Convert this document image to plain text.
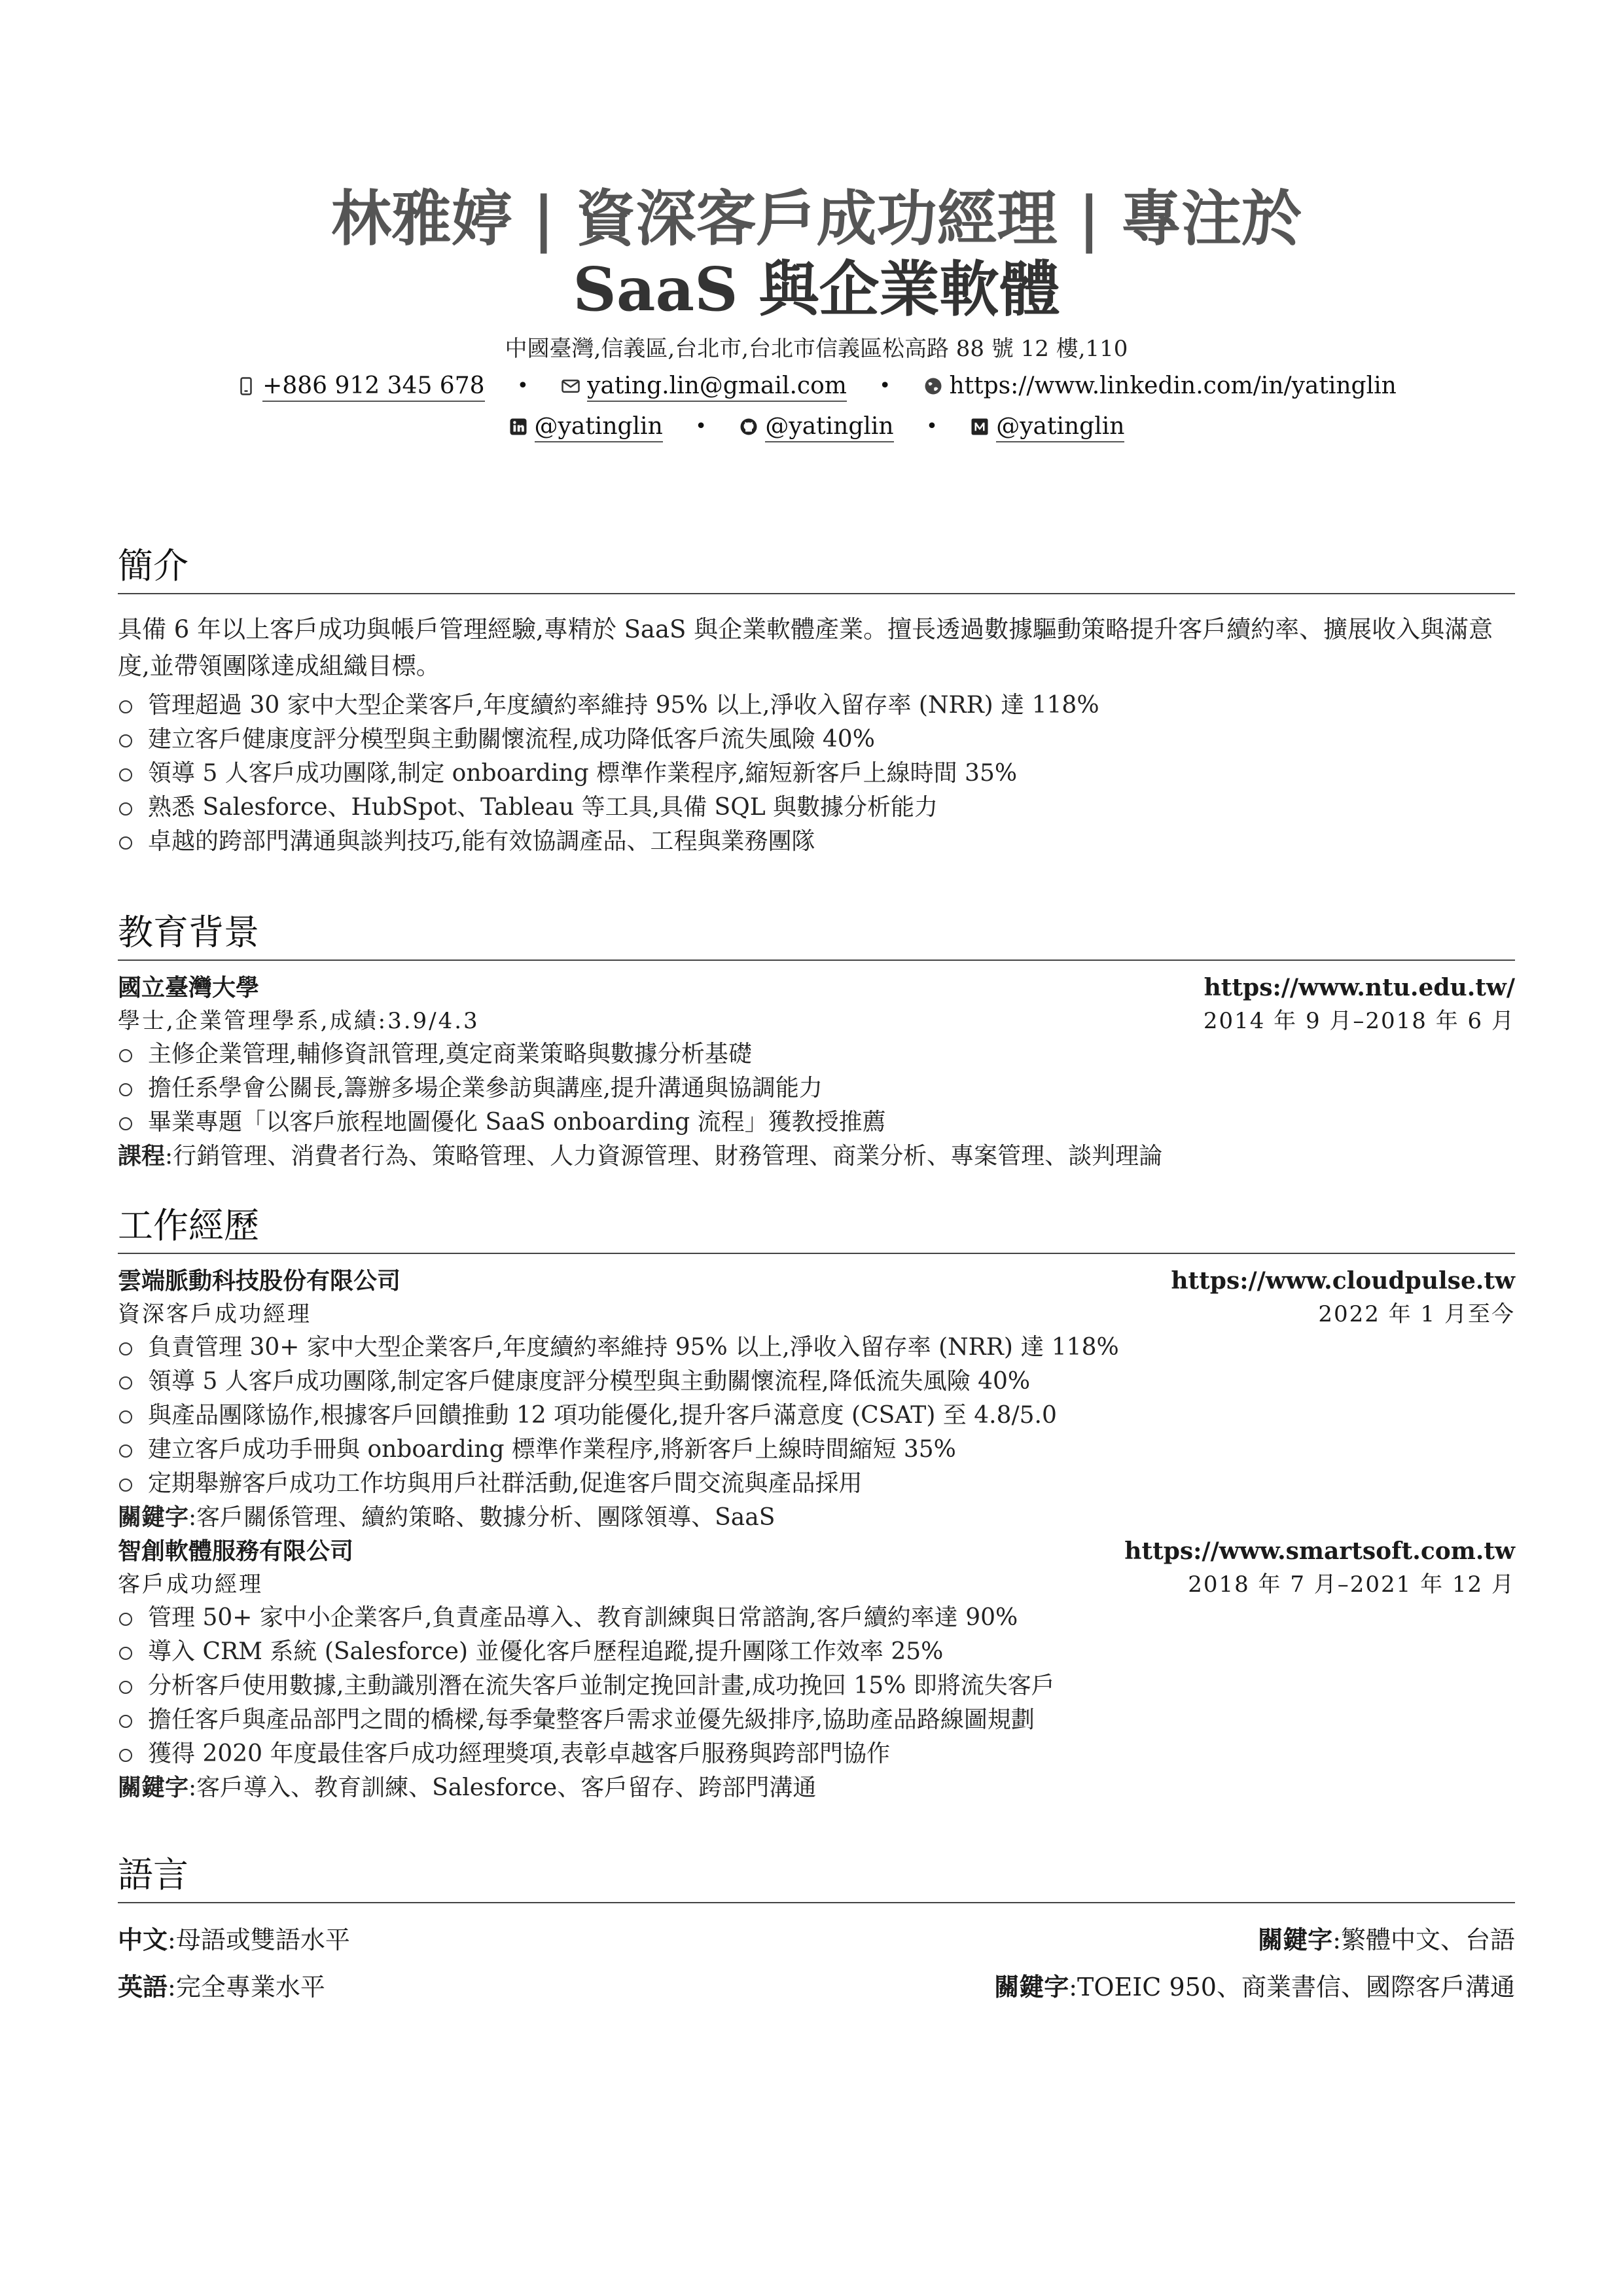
林雅婷 | 資深客戶成功經理 | 專注於
SaaS 與企業軟體
中國臺灣,信義區,台北市,台北市信義區松高路 88 號 12 樓,110
+886 912 345 678 • yating.lin@gmail.com • https://www.linkedin.com/in/yatinglin
@yatinglin • @yatinglin • @yatinglin
簡介
具備 6 年以上客戶成功與帳戶管理經驗,專精於 SaaS 與企業軟體產業。擅長透過數據驅動策略提升客戶續約率、擴展收入與滿意度,並帶領團隊達成組織目標。
管理超過 30 家中大型企業客戶,年度續約率維持 95% 以上,淨收入留存率 (NRR) 達 118%
建立客戶健康度評分模型與主動關懷流程,成功降低客戶流失風險 40%
領導 5 人客戶成功團隊,制定 onboarding 標準作業程序,縮短新客戶上線時間 35%
熟悉 Salesforce、HubSpot、Tableau 等工具,具備 SQL 與數據分析能力
卓越的跨部門溝通與談判技巧,能有效協調產品、工程與業務團隊
教育背景
國立臺灣大學	https://www.ntu.edu.tw/
學士,企業管理學系,成績:3.9/4.3	2014 年 9 月–2018 年 6 月
主修企業管理,輔修資訊管理,奠定商業策略與數據分析基礎
擔任系學會公關長,籌辦多場企業參訪與講座,提升溝通與協調能力
畢業專題「以客戶旅程地圖優化 SaaS onboarding 流程」獲教授推薦
課程:行銷管理、消費者行為、策略管理、人力資源管理、財務管理、商業分析、專案管理、談判理論
工作經歷
雲端脈動科技股份有限公司	https://www.cloudpulse.tw
資深客戶成功經理	2022 年 1 月至今
負責管理 30+ 家中大型企業客戶,年度續約率維持 95% 以上,淨收入留存率 (NRR) 達 118%
領導 5 人客戶成功團隊,制定客戶健康度評分模型與主動關懷流程,降低流失風險 40%
與產品團隊協作,根據客戶回饋推動 12 項功能優化,提升客戶滿意度 (CSAT) 至 4.8/5.0
建立客戶成功手冊與 onboarding 標準作業程序,將新客戶上線時間縮短 35%
定期舉辦客戶成功工作坊與用戶社群活動,促進客戶間交流與產品採用
關鍵字:客戶關係管理、續約策略、數據分析、團隊領導、SaaS
智創軟體服務有限公司	https://www.smartsoft.com.tw
客戶成功經理	2018 年 7 月–2021 年 12 月
管理 50+ 家中小企業客戶,負責產品導入、教育訓練與日常諮詢,客戶續約率達 90%
導入 CRM 系統 (Salesforce) 並優化客戶歷程追蹤,提升團隊工作效率 25%
分析客戶使用數據,主動識別潛在流失客戶並制定挽回計畫,成功挽回 15% 即將流失客戶
擔任客戶與產品部門之間的橋樑,每季彙整客戶需求並優先級排序,協助產品路線圖規劃
獲得 2020 年度最佳客戶成功經理獎項,表彰卓越客戶服務與跨部門協作
關鍵字:客戶導入、教育訓練、Salesforce、客戶留存、跨部門溝通
語言
中文:母語或雙語水平	關鍵字:繁體中文、台語
英語:完全專業水平	關鍵字:TOEIC 950、商業書信、國際客戶溝通
